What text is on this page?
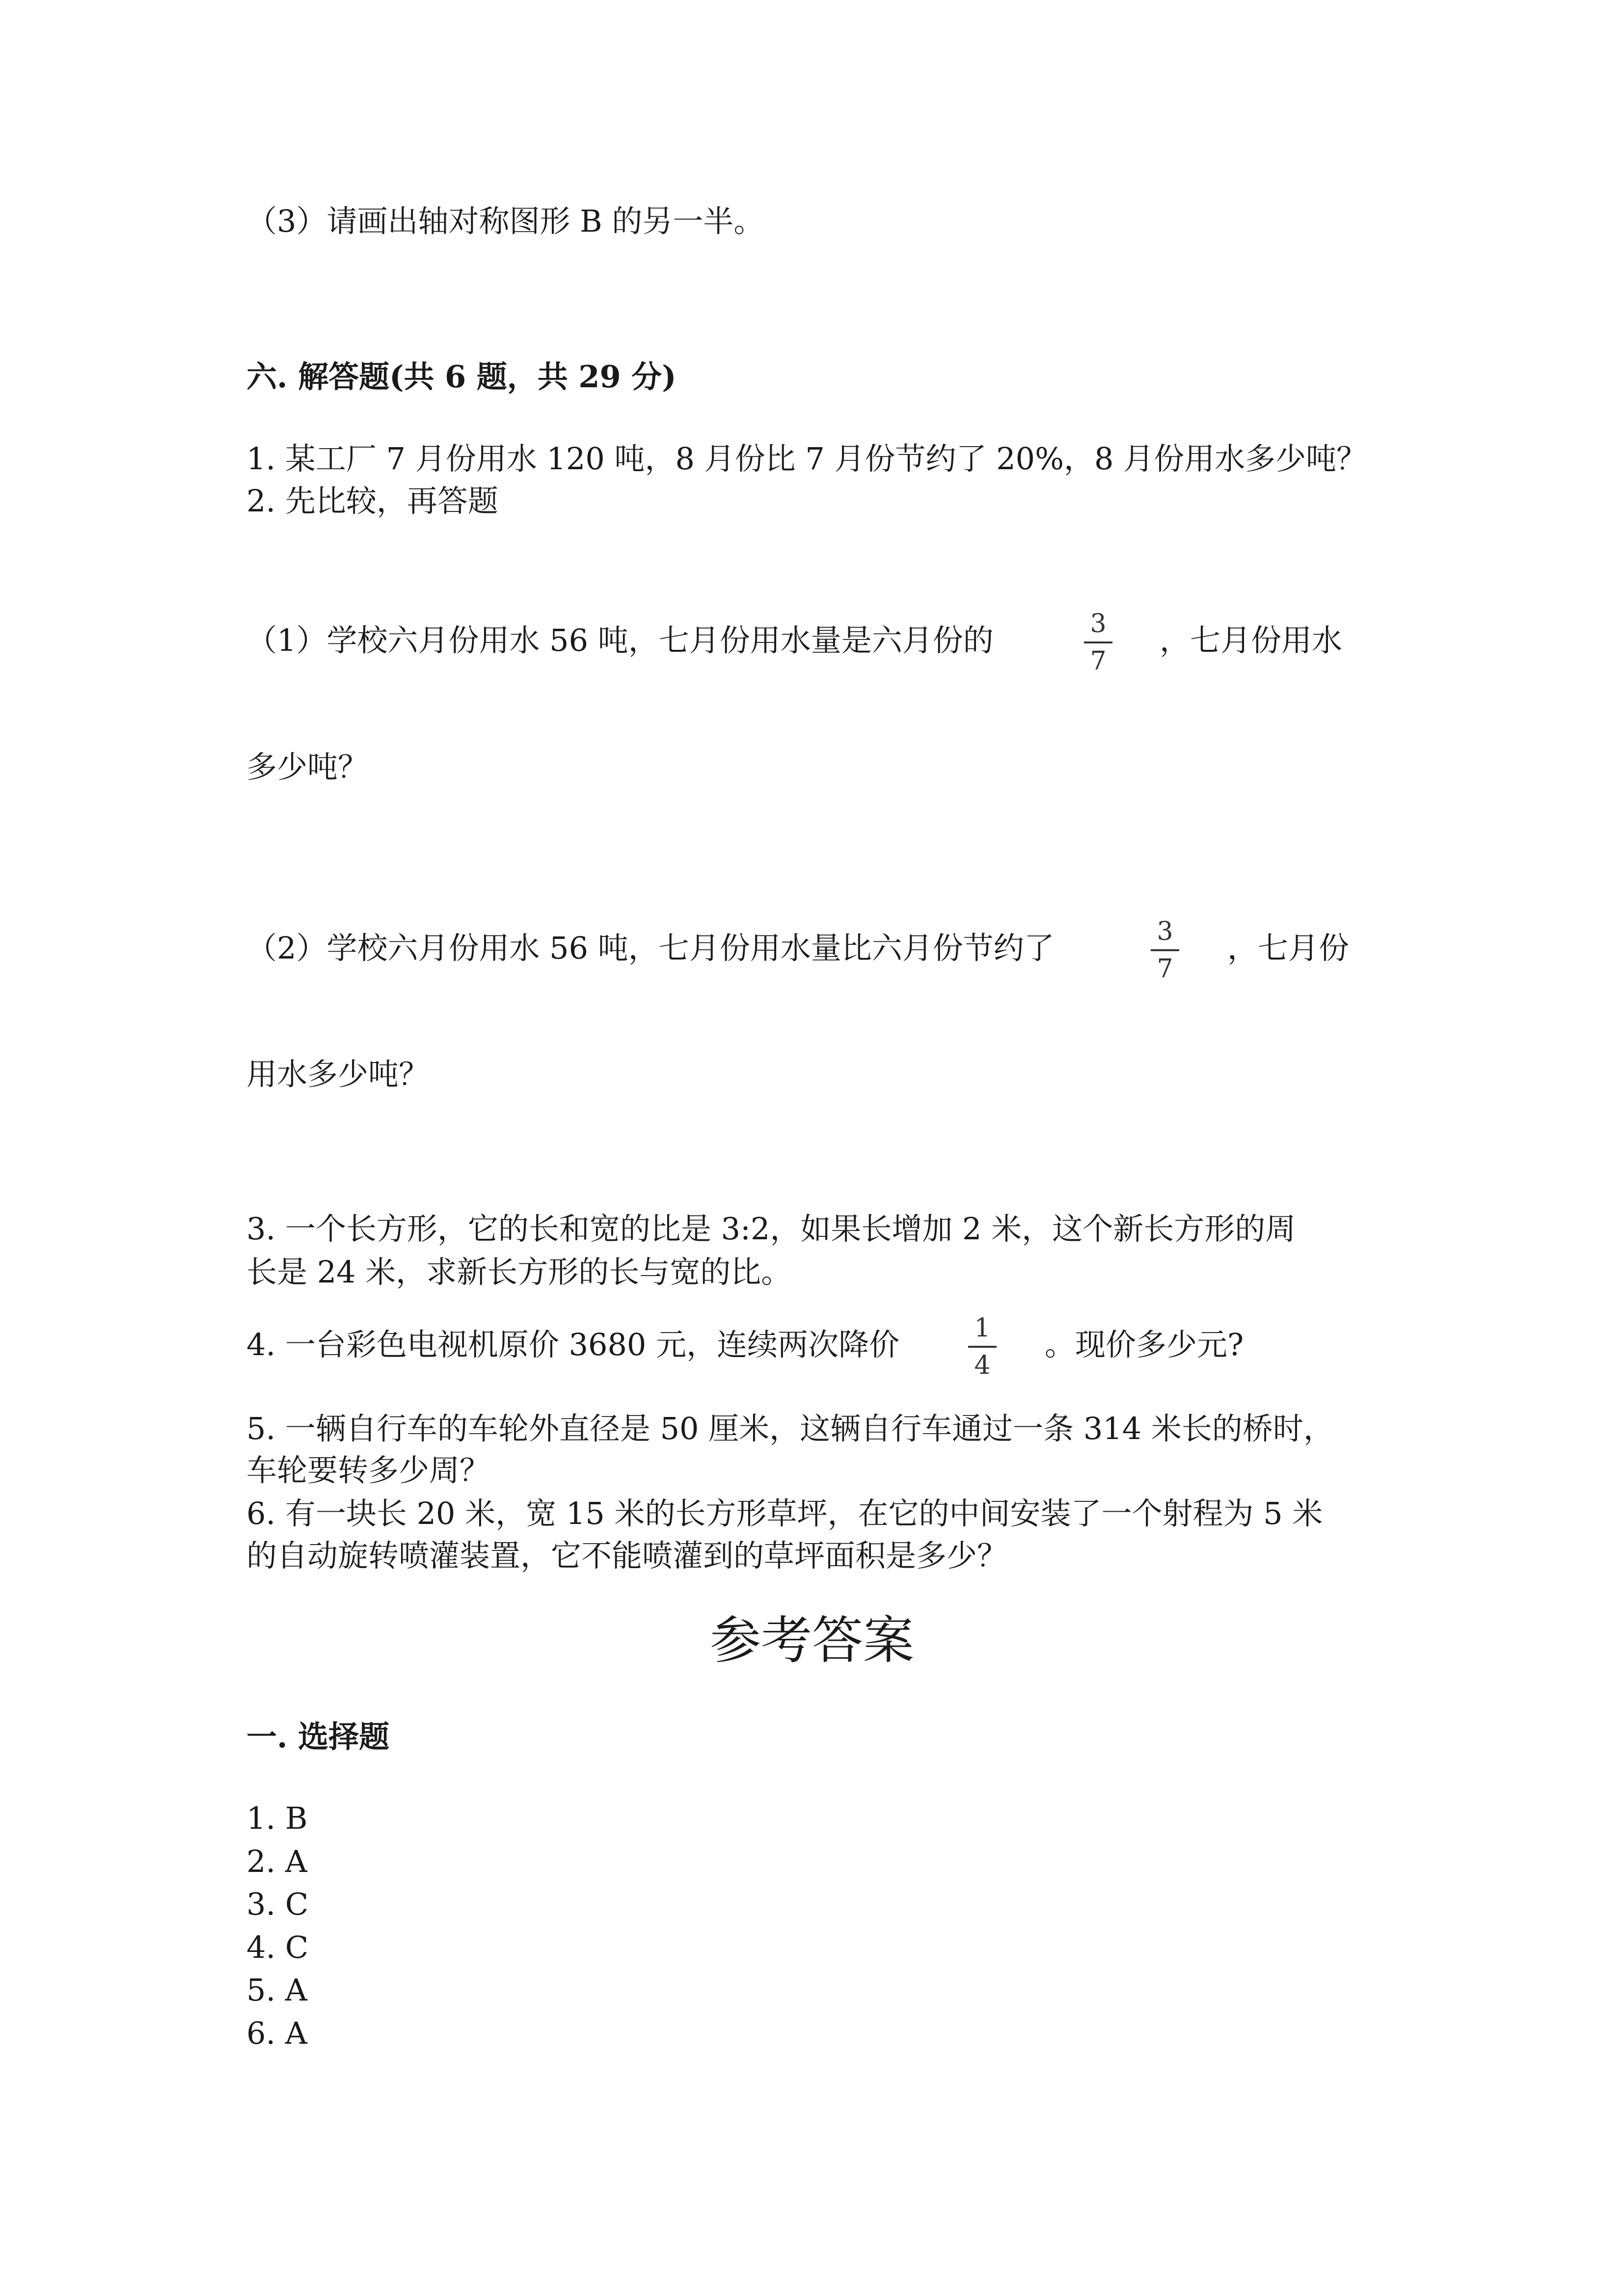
（3）请画出轴对称图形 B 的另一半。
六. 解答题(共 6 题，共 29 分)
1. 某工厂 7 月份用水 120 吨，8 月份比 7 月份节约了 20%，8 月份用水多少吨？
2. 先比较，再答题
（1）学校六月份用水 56 吨，七月份用水量是六月份的	3
7
，七月份用水
多少吨？
（2）学校六月份用水 56 吨，七月份用水量比六月份节约了	3
7
，七月份
用水多少吨？
3. 一个长方形，它的长和宽的比是 3:2，如果长增加 2 米，这个新长方形的周
长是 24 米，求新长方形的长与宽的比。
4. 一台彩色电视机原价 3680 元，连续两次降价	1
4
。现价多少元?
5. 一辆自行车的车轮外直径是 50 厘米，这辆自行车通过一条 314 米长的桥时，
车轮要转多少周？
6. 有一块长 20 米，宽 15 米的长方形草坪，在它的中间安装了一个射程为 5 米
的自动旋转喷灌装置，它不能喷灌到的草坪面积是多少？
参考答案
一. 选择题
1. B
2. A
3. C
4. C
5. A
6. A
